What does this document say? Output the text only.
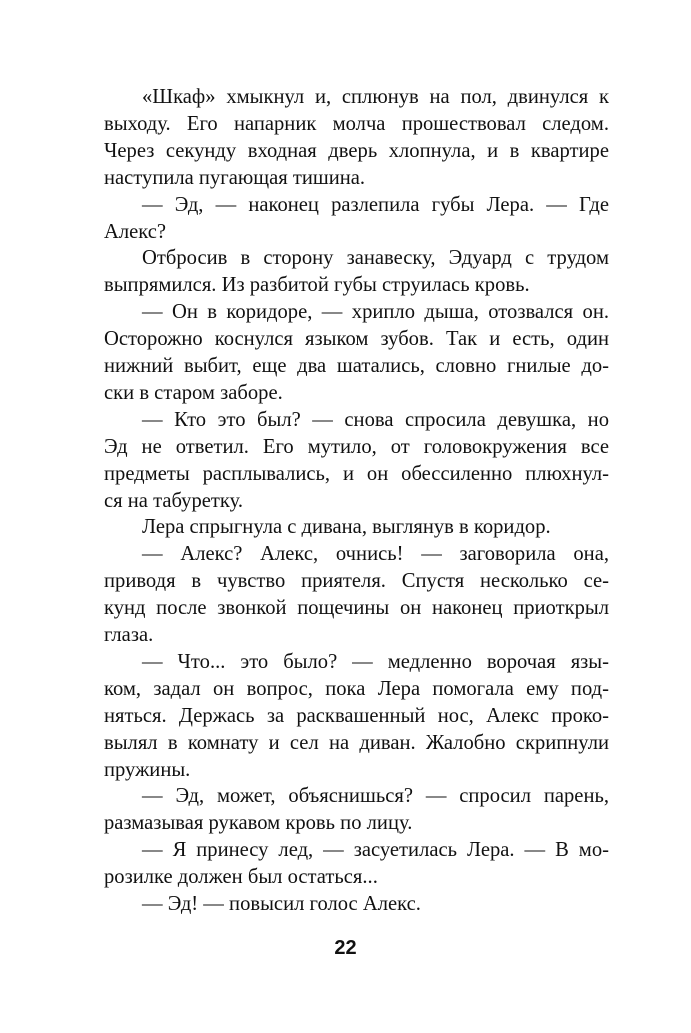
«Шкаф» хмыкнул и, сплюнув на пол, двинулся к
выходу. Его напарник молча прошествовал следом.
Через секунду входная дверь хлопнула, и в квартире
наступила пугающая тишина.
— Эд, — наконец разлепила губы Лера. — Где
Алекс?
Отбросив в сторону занавеску, Эдуард с трудом
выпрямился. Из разбитой губы струилась кровь.
— Он в коридоре, — хрипло дыша, отозвался он.
Осторожно коснулся языком зубов. Так и есть, один
нижний выбит, еще два шатались, словно гнилые до-
ски в старом заборе.
— Кто это был? — снова спросила девушка, но
Эд не ответил. Его мутило, от головокружения все
предметы расплывались, и он обессиленно плюхнул-
ся на табуретку.
Лера спрыгнула с дивана, выглянув в коридор.
— Алекс? Алекс, очнись! — заговорила она,
приводя в чувство приятеля. Спустя несколько се-
кунд после звонкой пощечины он наконец приоткрыл
глаза.
— Что... это было? — медленно ворочая язы-
ком, задал он вопрос, пока Лера помогала ему под-
няться. Держась за расквашенный нос, Алекс проко-
вылял в комнату и сел на диван. Жалобно скрипнули
пружины.
— Эд, может, объяснишься? — спросил парень,
размазывая рукавом кровь по лицу.
— Я принесу лед, — засуетилась Лера. — В мо-
розилке должен был остаться...
— Эд! — повысил голос Алекс.
22
